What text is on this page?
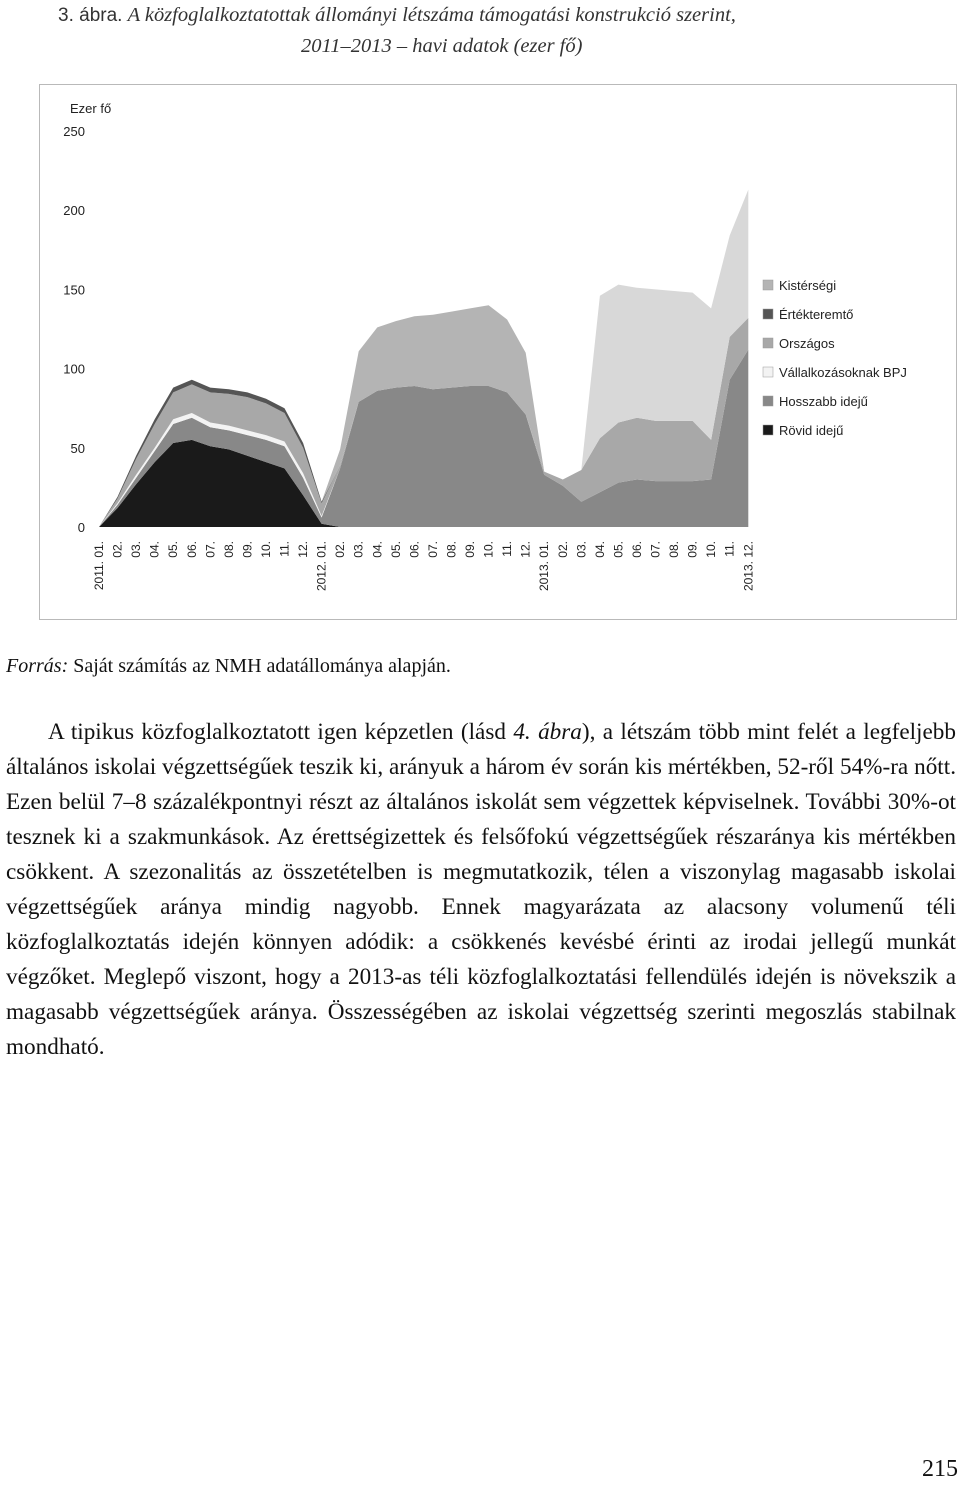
3. ábra. A közfoglalkoztatottak állományi létszáma támogatási konstrukció szerint,
2011–2013 – havi adatok (ezer fő)
Ezer fő
0
50
100
150
200
250
2011. 01. 02. 03. 04. 05. 06. 07. 08. 09. 10. 11. 12. 2012. 01. 02. 03. 04. 05. 06. 07. 08. 09. 10. 11. 12. 2013. 01. 02. 03. 04. 05. 06. 07. 08. 09. 10. 11. 2013. 12.
Kistérségi
Értékteremtő
Országos
Vállalkozásoknak BPJ
Hosszabb idejű
Rövid idejű
Forrás: Saját számítás az NMH adatállománya alapján.
A tipikus közfoglalkoztatott igen képzetlen (lásd 4. ábra), a létszám több mint felét a legfeljebb általános iskolai végzettségűek teszik ki, arányuk a három év során kis mértékben, 52-ről 54%-ra nőtt. Ezen belül 7–8 százalékpontnyi részt az általános iskolát sem végzettek képviselnek. További 30%-ot tesznek ki a szakmunkások. Az érettségizettek és felsőfokú végzettségűek részaránya kis mértékben csökkent. A szezonalitás az összetételben is megmutatkozik, télen a viszonylag magasabb iskolai végzettségűek aránya mindig nagyobb. Ennek magyarázata az alacsony volumenű téli közfoglalkoztatás idején könnyen adódik: a csökkenés kevésbé érinti az irodai jellegű munkát végzőket. Meglepő viszont, hogy a 2013-as téli közfoglalkoztatási fellendülés idején is növekszik a magasabb végzettségűek aránya. Összességében az iskolai végzettség szerinti megoszlás stabilnak mondható.
215
